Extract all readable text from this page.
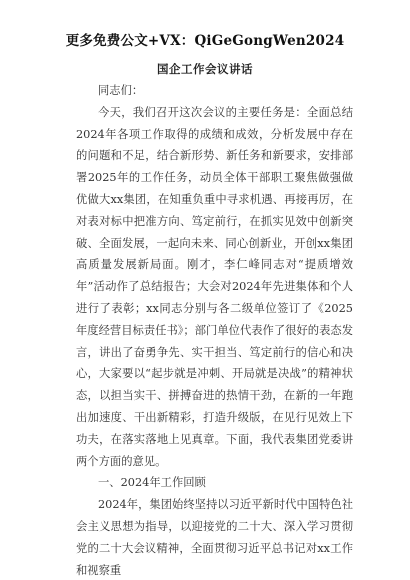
更多免费公文+VX：QiGeGongWen2024
国企工作会议讲话

同志们：

今天，我们召开这次会议的主要任务是：全面总结2024年各项工作取得的成绩和成效，分析发展中存在的问题和不足，结合新形势、新任务和新要求，安排部署2025年的工作任务，动员全体干部职工聚焦做强做优做大xx集团，在知重负重中寻求机遇、再接再厉，在对表对标中把准方向、笃定前行，在抓实见效中创新突破、全面发展，一起向未来、同心创新业，开创xx集团高质量发展新局面。刚才，李仁峰同志对“提质增效年”活动作了总结报告；大会对2024年先进集体和个人进行了表彰；xx同志分别与各二级单位签订了《2025年度经营目标责任书》；部门单位代表作了很好的表态发言，讲出了奋勇争先、实干担当、笃定前行的信心和决心，大家要以“起步就是冲刺、开局就是决战”的精神状态，以担当实干、拼搏奋进的热情干劲，在新的一年跑出加速度、干出新精彩，打造升级版，在见行见效上下功夫，在落实落地上见真章。下面，我代表集团党委讲两个方面的意见。

一、2024年工作回顾

2024年，集团始终坚持以习近平新时代中国特色社会主义思想为指导，以迎接党的二十大、深入学习贯彻党的二十大会议精神，全面贯彻习近平总书记对xx工作和视察重
